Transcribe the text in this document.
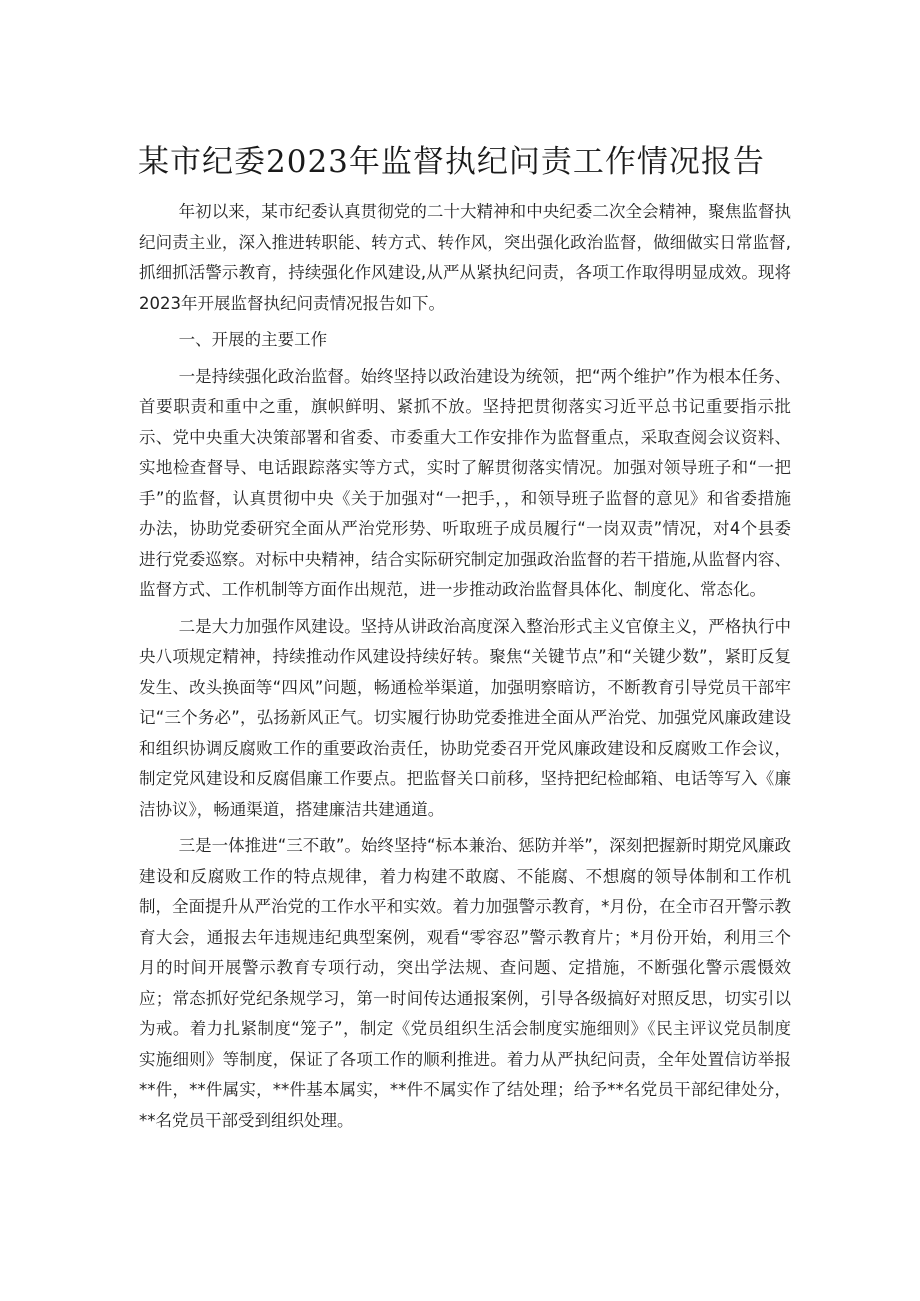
某市纪委2023年监督执纪问责工作情况报告

年初以来，某市纪委认真贯彻党的二十大精神和中央纪委二次全会精神，聚焦监督执纪问责主业，深入推进转职能、转方式、转作风，突出强化政治监督，做细做实日常监督,抓细抓活警示教育，持续强化作风建设,从严从紧执纪问责，各项工作取得明显成效。现将2023年开展监督执纪问责情况报告如下。

一、开展的主要工作

一是持续强化政治监督。始终坚持以政治建设为统领，把“两个维护”作为根本任务、首要职责和重中之重，旗帜鲜明、紧抓不放。坚持把贯彻落实习近平总书记重要指示批示、党中央重大决策部署和省委、市委重大工作安排作为监督重点，采取查阅会议资料、实地检查督导、电话跟踪落实等方式，实时了解贯彻落实情况。加强对领导班子和“一把手”的监督，认真贯彻中央《关于加强对“一把手，，和领导班子监督的意见》和省委措施办法，协助党委研究全面从严治党形势、听取班子成员履行“一岗双责”情况，对4个县委进行党委巡察。对标中央精神，结合实际研究制定加强政治监督的若干措施,从监督内容、监督方式、工作机制等方面作出规范，进一步推动政治监督具体化、制度化、常态化。

二是大力加强作风建设。坚持从讲政治高度深入整治形式主义官僚主义，严格执行中央八项规定精神，持续推动作风建设持续好转。聚焦“关键节点”和“关键少数”，紧盯反复发生、改头换面等“四风”问题，畅通检举渠道，加强明察暗访，不断教育引导党员干部牢记“三个务必”，弘扬新风正气。切实履行协助党委推进全面从严治党、加强党风廉政建设和组织协调反腐败工作的重要政治责任，协助党委召开党风廉政建设和反腐败工作会议，制定党风建设和反腐倡廉工作要点。把监督关口前移，坚持把纪检邮箱、电话等写入《廉洁协议》，畅通渠道，搭建廉洁共建通道。

三是一体推进“三不敢”。始终坚持“标本兼治、惩防并举”，深刻把握新时期党风廉政建设和反腐败工作的特点规律，着力构建不敢腐、不能腐、不想腐的领导体制和工作机制，全面提升从严治党的工作水平和实效。着力加强警示教育，*月份，在全市召开警示教育大会，通报去年违规违纪典型案例，观看“零容忍”警示教育片；*月份开始，利用三个月的时间开展警示教育专项行动，突出学法规、查问题、定措施，不断强化警示震慑效应；常态抓好党纪条规学习，第一时间传达通报案例，引导各级搞好对照反思，切实引以为戒。着力扎紧制度“笼子”，制定《党员组织生活会制度实施细则》《民主评议党员制度实施细则》等制度，保证了各项工作的顺利推进。着力从严执纪问责，全年处置信访举报**件，**件属实，**件基本属实，**件不属实作了结处理；给予**名党员干部纪律处分，**名党员干部受到组织处理。
